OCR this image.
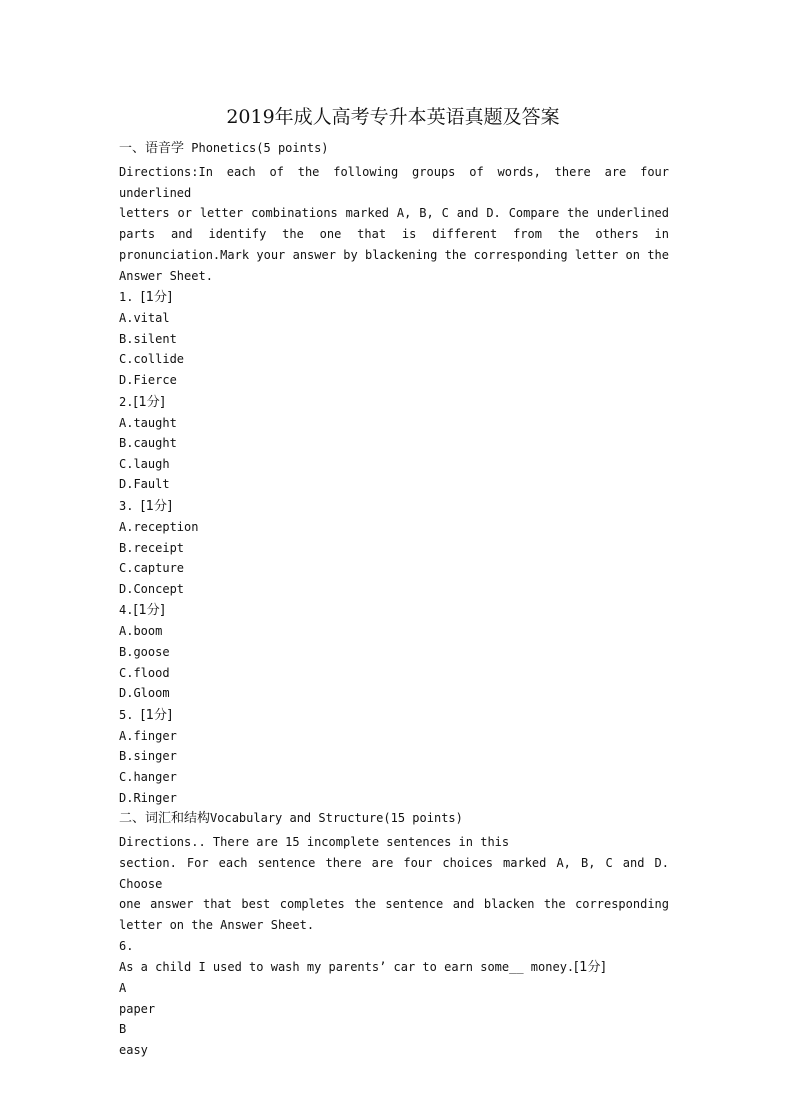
2019年成人高考专升本英语真题及答案
一、语音学 Phonetics(5 points)
Directions:In each of the following groups of words, there are four underlined
letters or letter combinations marked A, B, C and D. Compare the underlined
parts and identify the one that is different from the others in
pronunciation.Mark your answer by blackening the corresponding letter on the
Answer Sheet.
1. [1分]
A.vital
B.silent
C.collide
D.Fierce
2.[1分]
A.taught
B.caught
C.laugh
D.Fault
3. [1分]
A.reception
B.receipt
C.capture
D.Concept
4.[1分]
A.boom
B.goose
C.flood
D.Gloom
5. [1分]
A.finger
B.singer
C.hanger
D.Ringer
二、词汇和结构Vocabulary and Structure(15 points)
Directions.. There are 15 incomplete sentences in this
section. For each sentence there are four choices marked A, B, C and D. Choose
one answer that best completes the sentence and blacken the corresponding
letter on the Answer Sheet.
6.
As a child I used to wash my parents’ car to earn some__ money.[1分]
A
paper
B
easy
